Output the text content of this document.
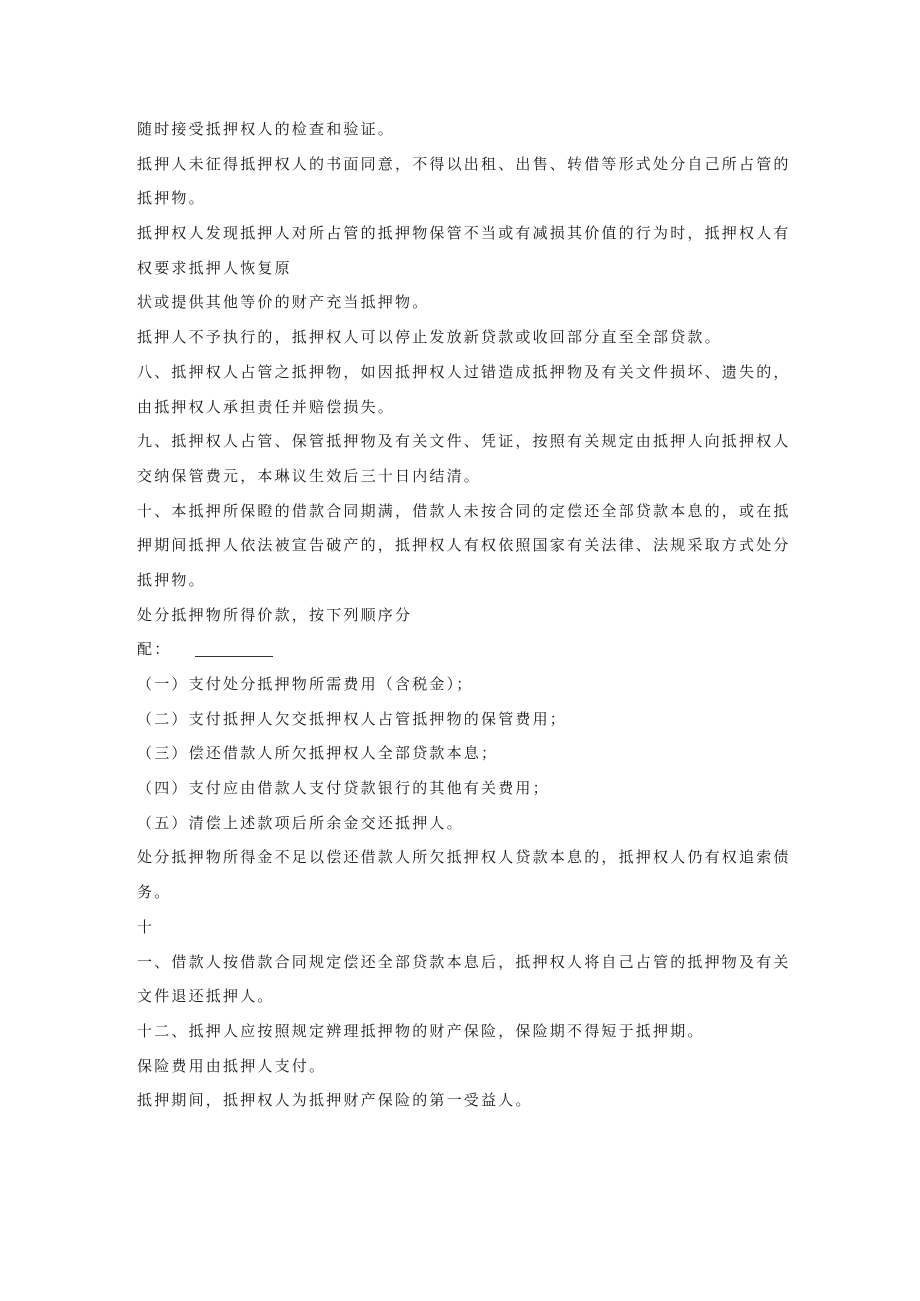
随时接受抵押权人的检查和验证。
抵押人未征得抵押权人的书面同意，不得以出租、出售、转借等形式处分自己所占管的
抵押物。
抵押权人发现抵押人对所占管的抵押物保管不当或有减损其价值的行为时，抵押权人有
权要求抵押人恢复原
状或提供其他等价的财产充当抵押物。
抵押人不予执行的，抵押权人可以停止发放新贷款或收回部分直至全部贷款。
八、抵押权人占管之抵押物，如因抵押权人过错造成抵押物及有关文件损坏、遗失的，
由抵押权人承担责任并赔偿损失。
九、抵押权人占管、保管抵押物及有关文件、凭证，按照有关规定由抵押人向抵押权人
交纳保管费元，本琳议生效后三十日内结清。
十、本抵押所保瞪的借款合同期满，借款人未按合同的定偿还全部贷款本息的，或在抵
押期间抵押人依法被宣告破产的，抵押权人有权依照国家有关法律、法规采取方式处分
抵押物。
处分抵押物所得价款，按下列顺序分
配：
（一）支付处分抵押物所需费用（含税金）；
（二）支付抵押人欠交抵押权人占管抵押物的保管费用；
（三）偿还借款人所欠抵押权人全部贷款本息；
（四）支付应由借款人支付贷款银行的其他有关费用；
（五）清偿上述款项后所余金交还抵押人。
处分抵押物所得金不足以偿还借款人所欠抵押权人贷款本息的，抵押权人仍有权追索债
务。
十
一、借款人按借款合同规定偿还全部贷款本息后，抵押权人将自己占管的抵押物及有关
文件退还抵押人。
十二、抵押人应按照规定辨理抵押物的财产保险，保险期不得短于抵押期。
保险费用由抵押人支付。
抵押期间，抵押权人为抵押财产保险的第一受益人。
